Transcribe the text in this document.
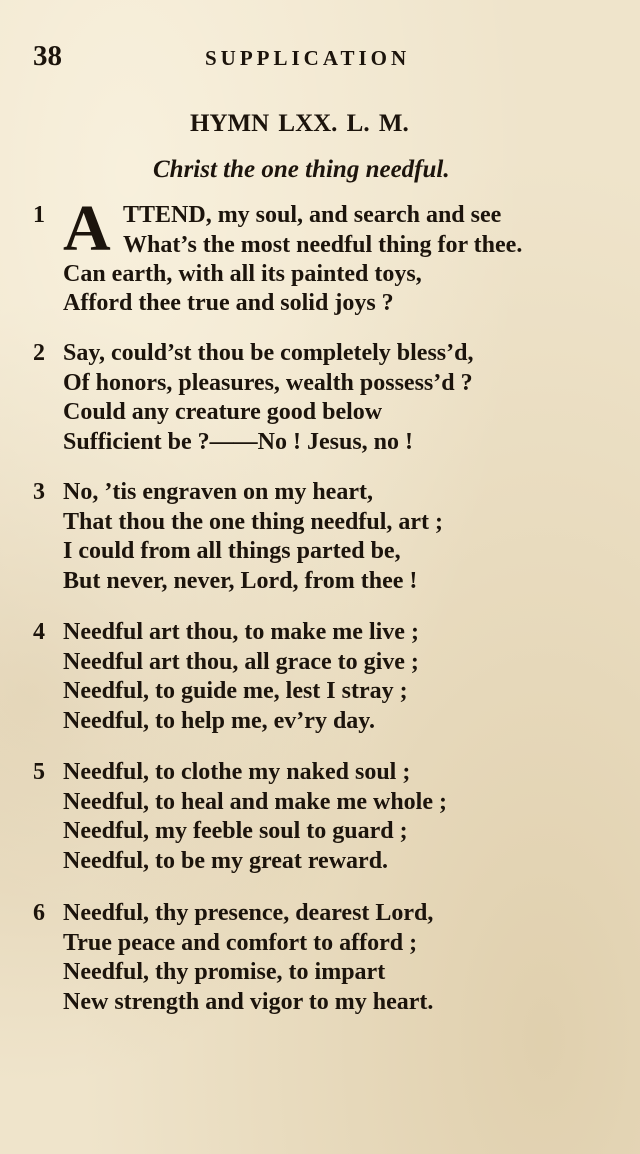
38	SUPPLICATION
HYMN LXX. L. M.
Christ the one thing needful.
1 A TTEND, my soul, and search and see
What’s the most needful thing for thee.
Can earth, with all its painted toys,
Afford thee true and solid joys ?
2 Say, could’st thou be completely bless’d,
Of honors, pleasures, wealth possess’d ?
Could any creature good below
Sufficient be ?——No ! Jesus, no !
3 No, ’tis engraven on my heart,
That thou the one thing needful, art ;
I could from all things parted be,
But never, never, Lord, from thee !
4 Needful art thou, to make me live ;
Needful art thou, all grace to give ;
Needful, to guide me, lest I stray ;
Needful, to help me, ev’ry day.
5 Needful, to clothe my naked soul ;
Needful, to heal and make me whole ;
Needful, my feeble soul to guard ;
Needful, to be my great reward.
6 Needful, thy presence, dearest Lord,
True peace and comfort to afford ;
Needful, thy promise, to impart
New strength and vigor to my heart.
